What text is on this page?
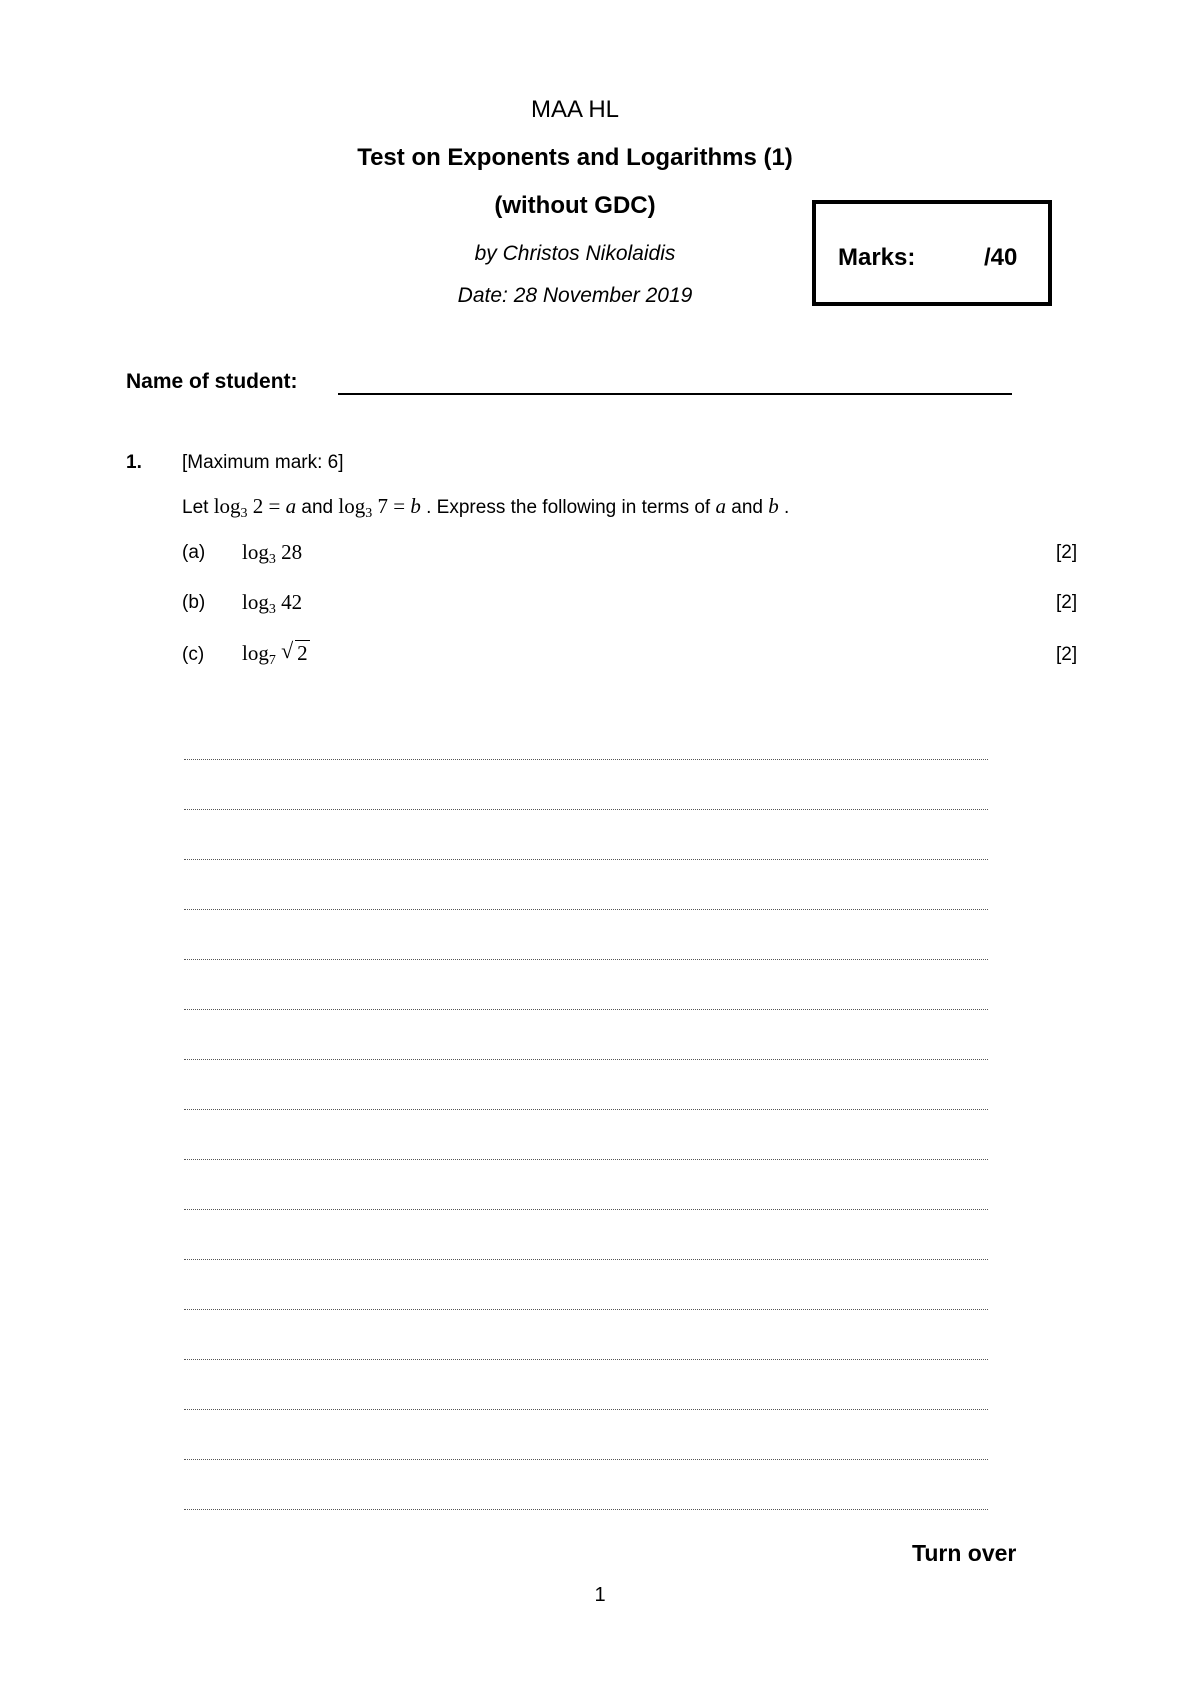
MAA HL
Test on Exponents and Logarithms (1)
(without GDC)
by Christos Nikolaidis
Date: 28 November 2019
Marks:	/40
Name of student:
1. [Maximum mark: 6]
Let $\log_3 2 = a$ and $\log_3 7 = b$ . Express the following in terms of a and b .
(a) $\log_3 28$	[2]
(b) $\log_3 42$	[2]
(c) $\log_7$ √ 2	[2]
Turn over
1
